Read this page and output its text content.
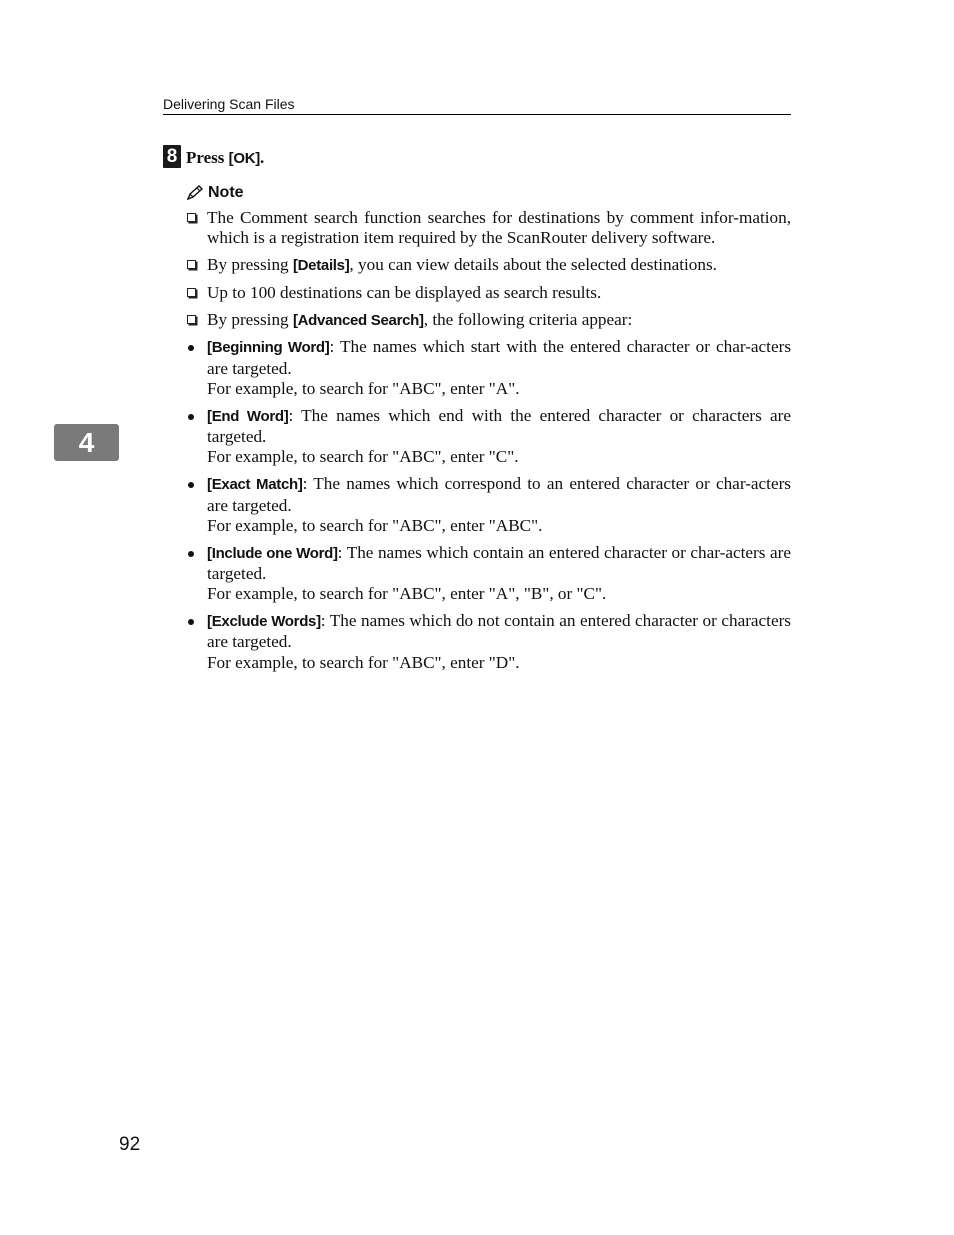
Delivering Scan Files
8 Press [OK].
Note
The Comment search function searches for destinations by comment infor-mation, which is a registration item required by the ScanRouter delivery software.
By pressing [Details], you can view details about the selected destinations.
Up to 100 destinations can be displayed as search results.
By pressing [Advanced Search], the following criteria appear:
[Beginning Word]: The names which start with the entered character or char-acters are targeted.
For example, to search for "ABC", enter "A".
[End Word]: The names which end with the entered character or characters are targeted.
For example, to search for "ABC", enter "C".
[Exact Match]: The names which correspond to an entered character or char-acters are targeted.
For example, to search for "ABC", enter "ABC".
[Include one Word]: The names which contain an entered character or char-acters are targeted.
For example, to search for "ABC", enter "A", "B", or "C".
[Exclude Words]: The names which do not contain an entered character or characters are targeted.
For example, to search for "ABC", enter "D".
4
92
